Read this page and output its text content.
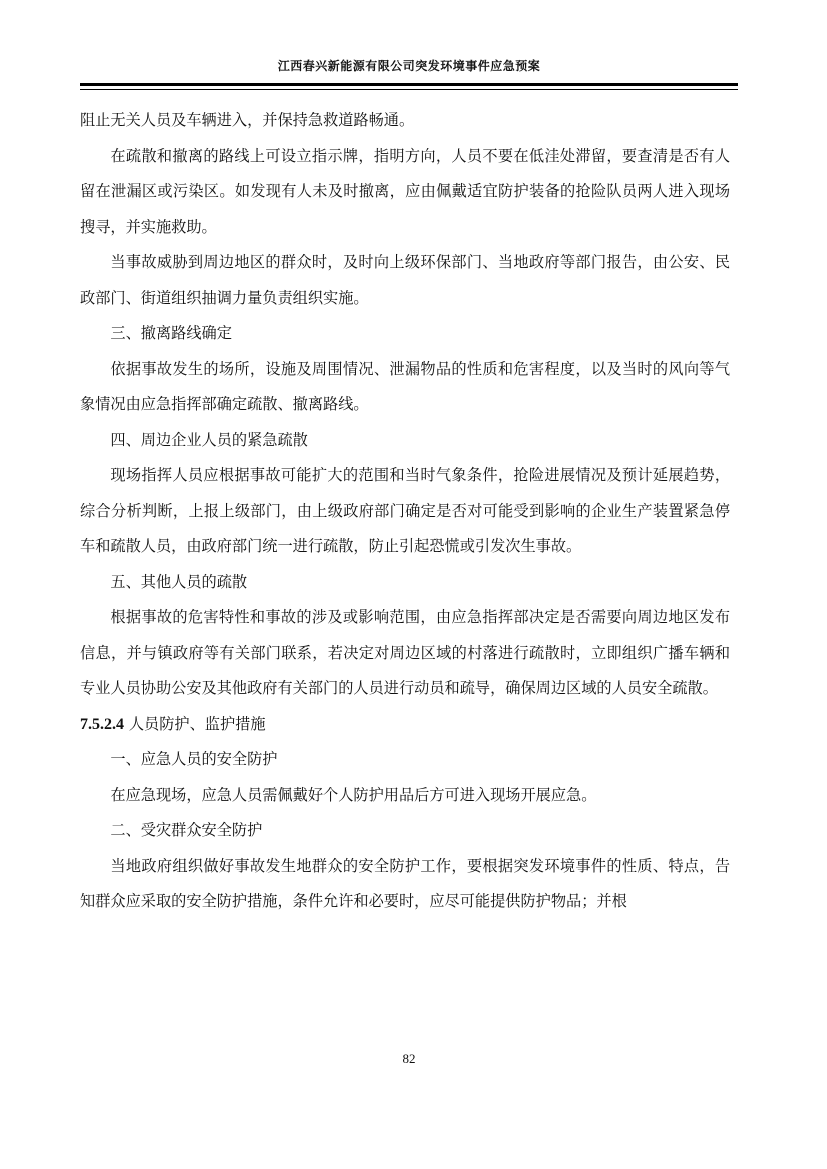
江西春兴新能源有限公司突发环境事件应急预案

阻止无关人员及车辆进入，并保持急救道路畅通。

在疏散和撤离的路线上可设立指示牌，指明方向，人员不要在低洼处滞留，要查清是否有人留在泄漏区或污染区。如发现有人未及时撤离，应由佩戴适宜防护装备的抢险队员两人进入现场搜寻，并实施救助。

当事故威胁到周边地区的群众时，及时向上级环保部门、当地政府等部门报告，由公安、民政部门、街道组织抽调力量负责组织实施。

三、撤离路线确定

依据事故发生的场所，设施及周围情况、泄漏物品的性质和危害程度，以及当时的风向等气象情况由应急指挥部确定疏散、撤离路线。

四、周边企业人员的紧急疏散

现场指挥人员应根据事故可能扩大的范围和当时气象条件，抢险进展情况及预计延展趋势，综合分析判断，上报上级部门，由上级政府部门确定是否对可能受到影响的企业生产装置紧急停车和疏散人员，由政府部门统一进行疏散，防止引起恐慌或引发次生事故。

五、其他人员的疏散

根据事故的危害特性和事故的涉及或影响范围，由应急指挥部决定是否需要向周边地区发布信息，并与镇政府等有关部门联系，若决定对周边区域的村落进行疏散时，立即组织广播车辆和专业人员协助公安及其他政府有关部门的人员进行动员和疏导，确保周边区域的人员安全疏散。

7.5.2.4 人员防护、监护措施

一、应急人员的安全防护

在应急现场，应急人员需佩戴好个人防护用品后方可进入现场开展应急。

二、受灾群众安全防护

当地政府组织做好事故发生地群众的安全防护工作，要根据突发环境事件的性质、特点，告知群众应采取的安全防护措施，条件允许和必要时，应尽可能提供防护物品；并根

82
